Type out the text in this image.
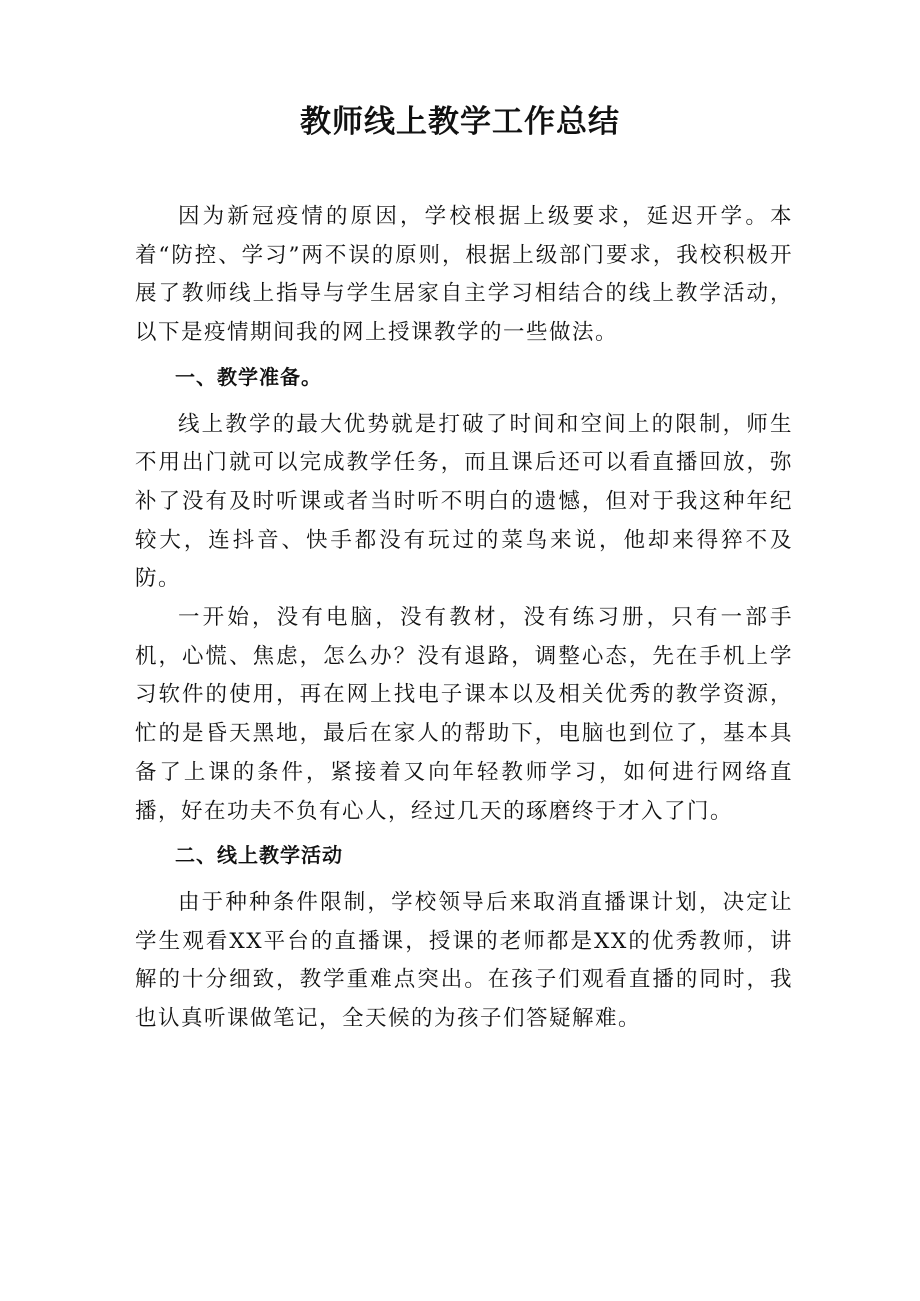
教师线上教学工作总结

因为新冠疫情的原因，学校根据上级要求，延迟开学。本着“防控、学习”两不误的原则，根据上级部门要求，我校积极开展了教师线上指导与学生居家自主学习相结合的线上教学活动，以下是疫情期间我的网上授课教学的一些做法。

一、教学准备。

线上教学的最大优势就是打破了时间和空间上的限制，师生不用出门就可以完成教学任务，而且课后还可以看直播回放，弥补了没有及时听课或者当时听不明白的遗憾，但对于我这种年纪较大，连抖音、快手都没有玩过的菜鸟来说，他却来得猝不及防。

一开始，没有电脑，没有教材，没有练习册，只有一部手机，心慌、焦虑，怎么办？没有退路，调整心态，先在手机上学习软件的使用，再在网上找电子课本以及相关优秀的教学资源，忙的是昏天黑地，最后在家人的帮助下，电脑也到位了，基本具备了上课的条件，紧接着又向年轻教师学习，如何进行网络直播，好在功夫不负有心人，经过几天的琢磨终于才入了门。

二、线上教学活动

由于种种条件限制，学校领导后来取消直播课计划，决定让学生观看XX平台的直播课，授课的老师都是XX的优秀教师，讲解的十分细致，教学重难点突出。在孩子们观看直播的同时，我也认真听课做笔记，全天候的为孩子们答疑解难。
